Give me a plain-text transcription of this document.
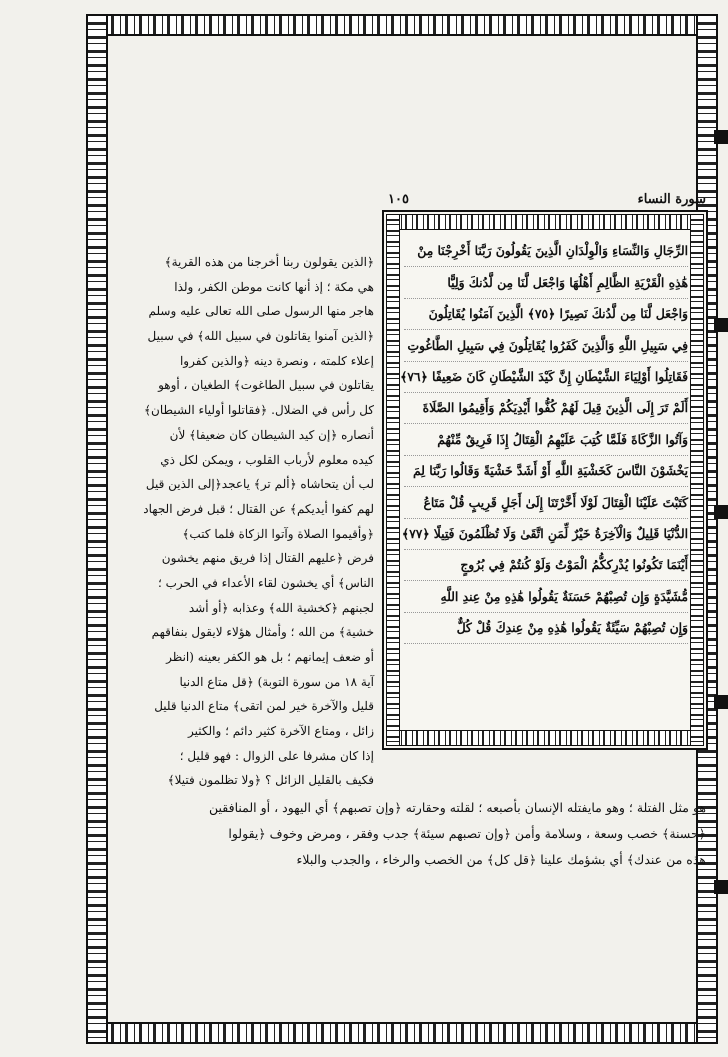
سورة النساء
١٠٥
الرِّجَالِ وَالنِّسَاءِ وَالْوِلْدَانِ الَّذِينَ يَقُولُونَ رَبَّنَا أَخْرِجْنَا مِنْ
هَٰذِهِ الْقَرْيَةِ الظَّالِمِ أَهْلُهَا وَاجْعَل لَّنَا مِن لَّدُنكَ وَلِيًّا
وَاجْعَل لَّنَا مِن لَّدُنكَ نَصِيرًا ﴿٧٥﴾ الَّذِينَ آمَنُوا يُقَاتِلُونَ
فِي سَبِيلِ اللَّهِ وَالَّذِينَ كَفَرُوا يُقَاتِلُونَ فِي سَبِيلِ الطَّاغُوتِ
فَقَاتِلُوا أَوْلِيَاءَ الشَّيْطَانِ إِنَّ كَيْدَ الشَّيْطَانِ كَانَ ضَعِيفًا ﴿٧٦﴾
أَلَمْ تَرَ إِلَى الَّذِينَ قِيلَ لَهُمْ كُفُّوا أَيْدِيَكُمْ وَأَقِيمُوا الصَّلَاةَ
وَآتُوا الزَّكَاةَ فَلَمَّا كُتِبَ عَلَيْهِمُ الْقِتَالُ إِذَا فَرِيقٌ مِّنْهُمْ
يَخْشَوْنَ النَّاسَ كَخَشْيَةِ اللَّهِ أَوْ أَشَدَّ خَشْيَةً وَقَالُوا رَبَّنَا لِمَ
كَتَبْتَ عَلَيْنَا الْقِتَالَ لَوْلَا أَخَّرْتَنَا إِلَىٰ أَجَلٍ قَرِيبٍ قُلْ مَتَاعُ
الدُّنْيَا قَلِيلٌ وَالْآخِرَةُ خَيْرٌ لِّمَنِ اتَّقَىٰ وَلَا تُظْلَمُونَ فَتِيلًا ﴿٧٧﴾
أَيْنَمَا تَكُونُوا يُدْرِككُّمُ الْمَوْتُ وَلَوْ كُنتُمْ فِي بُرُوجٍ
مُّشَيَّدَةٍ وَإِن تُصِبْهُمْ حَسَنَةٌ يَقُولُوا هَٰذِهِ مِنْ عِندِ اللَّهِ
وَإِن تُصِبْهُمْ سَيِّئَةٌ يَقُولُوا هَٰذِهِ مِنْ عِندِكَ قُلْ كُلٌّ
﴿الذين يقولون ربنا أخرجنا من هذه القرية﴾
هي مكة ؛ إذ أنها كانت موطن الكفر، ولذا
هاجر منها الرسول صلى الله تعالى عليه وسلم
﴿الذين آمنوا يقاتلون في سبيل الله﴾ في سبيل
إعلاء كلمته ، ونصرة دينه ﴿والذين كفروا
يقاتلون في سبيل الطاغوت﴾ الطغيان ، أوهو
كل رأس في الضلال. ﴿فقاتلوا أولياء الشيطان﴾
أنصاره ﴿إن كيد الشيطان كان ضعيفا﴾ لأن
كيده معلوم لأرباب القلوب ، ويمكن لكل ذي
لب أن يتحاشاه ﴿ألم تر﴾ ياعجد﴿إلى الذين قيل
لهم كفوا أيديكم﴾ عن القتال ؛ قبل فرض الجهاد
﴿وأقيموا الصلاة وآتوا الزكاة فلما كتب﴾
فرض ﴿عليهم القتال إذا فريق منهم يخشون
الناس﴾ أي يخشون لقاء الأعداء في الحرب ؛
لجبنهم ﴿كخشية الله﴾ وعذابه ﴿أو أشد
خشية﴾ من الله ؛ وأمثال هؤلاء لايقول بنفاقهم
أو ضعف إيمانهم ؛ بل هو الكفر بعينه (انظر
آية ١٨ من سورة التوبة) ﴿قل متاع الدنيا
قليل والآخرة خير لمن اتقى﴾ متاع الدنيا قليل
زائل ، ومتاع الآخرة كثير دائم ؛ والكثير
إذا كان مشرفا على الزوال : فهو قليل ؛
فكيف بالقليل الزائل ؟ ﴿ولا تظلمون فتيلا﴾
هو مثل الفتلة ؛ وهو مايفتله الإنسان بأصبعه ؛ لقلته وحقارته ﴿وإن تصبهم﴾ أي اليهود ، أو المنافقين
﴿حسنة﴾ خصب وسعة ، وسلامة وأمن ﴿وإن تصبهم سيئة﴾ جدب وفقر ، ومرض وخوف ﴿يقولوا
هذه من عندك﴾ أي بشؤمك علينا ﴿قل كل﴾ من الخصب والرخاء ، والجدب والبلاء
